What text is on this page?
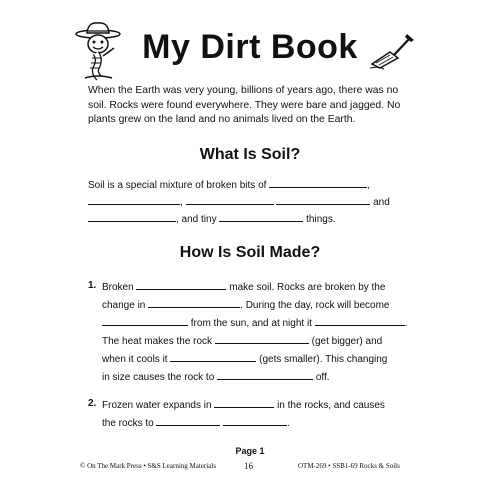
My Dirt Book
When the Earth was very young, billions of years ago, there was no soil. Rocks were found everywhere. They were bare and jagged. No plants grew on the land and no animals lived on the Earth.
What Is Soil?
Soil is a special mixture of broken bits of	,
,	and
, and tiny	things.
How Is Soil Made?
1. Broken	make soil. Rocks are broken by the
change in	. During the day, rock will become
from the sun, and at night it	.
The heat makes the rock	(get bigger) and
when it cools it	(gets smaller). This changing
in size causes the rock to	off.
2. Frozen water expands in	in the rocks, and causes
the rocks to	.
Page 1
© On The Mark Press • S&S Learning Materials	16	OTM-269 • SSB1-69 Rocks & Soils
